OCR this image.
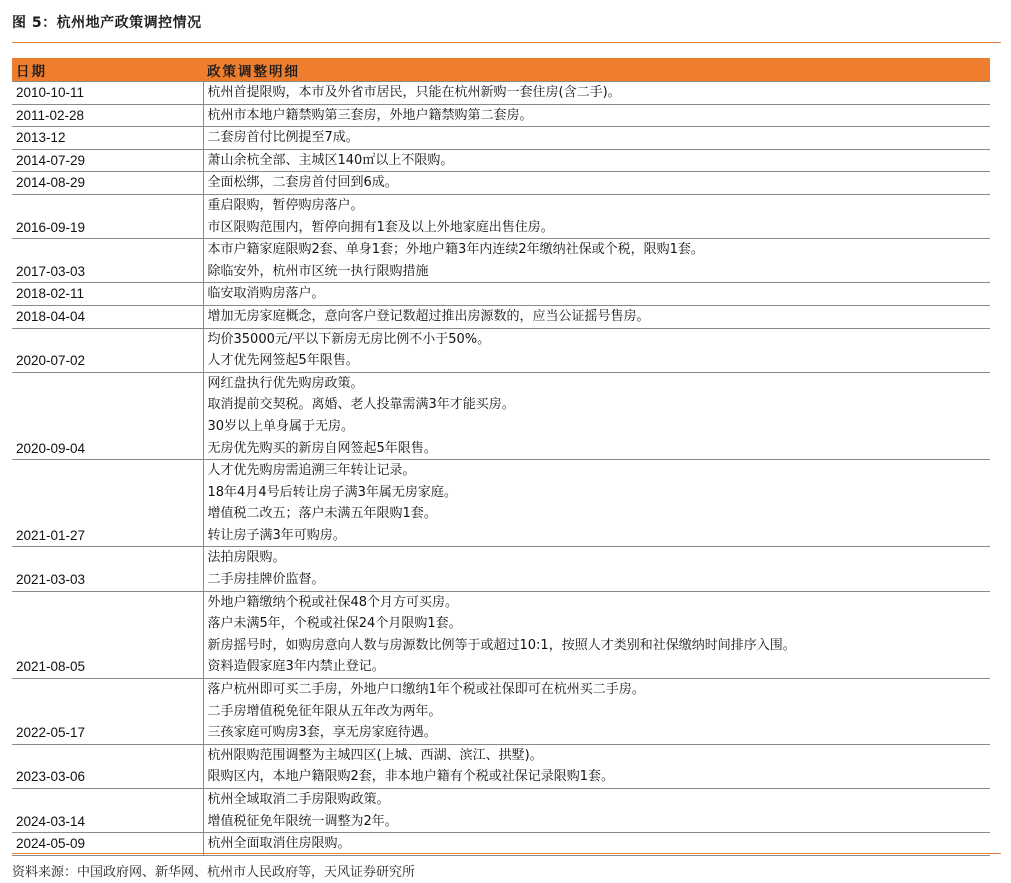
图 5：杭州地产政策调控情况
日期	政策调整明细
2010-10-11	杭州首提限购，本市及外省市居民，只能在杭州新购一套住房(含二手)。

2011-02-28	杭州市本地户籍禁购第三套房，外地户籍禁购第二套房。

2013-12	二套房首付比例提至7成。

2014-07-29	萧山余杭全部、主城区140㎡以上不限购。

2014-08-29	全面松绑，二套房首付回到6成。

2016-09-19	重启限购，暂停购房落户。
市区限购范围内，暂停向拥有1套及以上外地家庭出售住房。

2017-03-03	本市户籍家庭限购2套、单身1套；外地户籍3年内连续2年缴纳社保或个税，限购1套。
除临安外，杭州市区统一执行限购措施

2018-02-11	临安取消购房落户。

2018-04-04	增加无房家庭概念，意向客户登记数超过推出房源数的，应当公证摇号售房。

2020-07-02	均价35000元/平以下新房无房比例不小于50%。
人才优先网签起5年限售。

2020-09-04	网红盘执行优先购房政策。
取消提前交契税。离婚、老人投靠需满3年才能买房。
30岁以上单身属于无房。
无房优先购买的新房自网签起5年限售。

2021-01-27	人才优先购房需追溯三年转让记录。
18年4月4号后转让房子满3年属无房家庭。
增值税二改五；落户未满五年限购1套。
转让房子满3年可购房。

2021-03-03	法拍房限购。
二手房挂牌价监督。

2021-08-05	外地户籍缴纳个税或社保48个月方可买房。
落户未满5年，个税或社保24个月限购1套。
新房摇号时，如购房意向人数与房源数比例等于或超过10:1，按照人才类别和社保缴纳时间排序入围。
资料造假家庭3年内禁止登记。

2022-05-17	落户杭州即可买二手房，外地户口缴纳1年个税或社保即可在杭州买二手房。
二手房增值税免征年限从五年改为两年。
三孩家庭可购房3套，享无房家庭待遇。

2023-03-06	杭州限购范围调整为主城四区(上城、西湖、滨江、拱墅)。
限购区内，本地户籍限购2套，非本地户籍有个税或社保记录限购1套。

2024-03-14	杭州全域取消二手房限购政策。
增值税征免年限统一调整为2年。

2024-05-09	杭州全面取消住房限购。
资料来源：中国政府网、新华网、杭州市人民政府等，天风证券研究所
